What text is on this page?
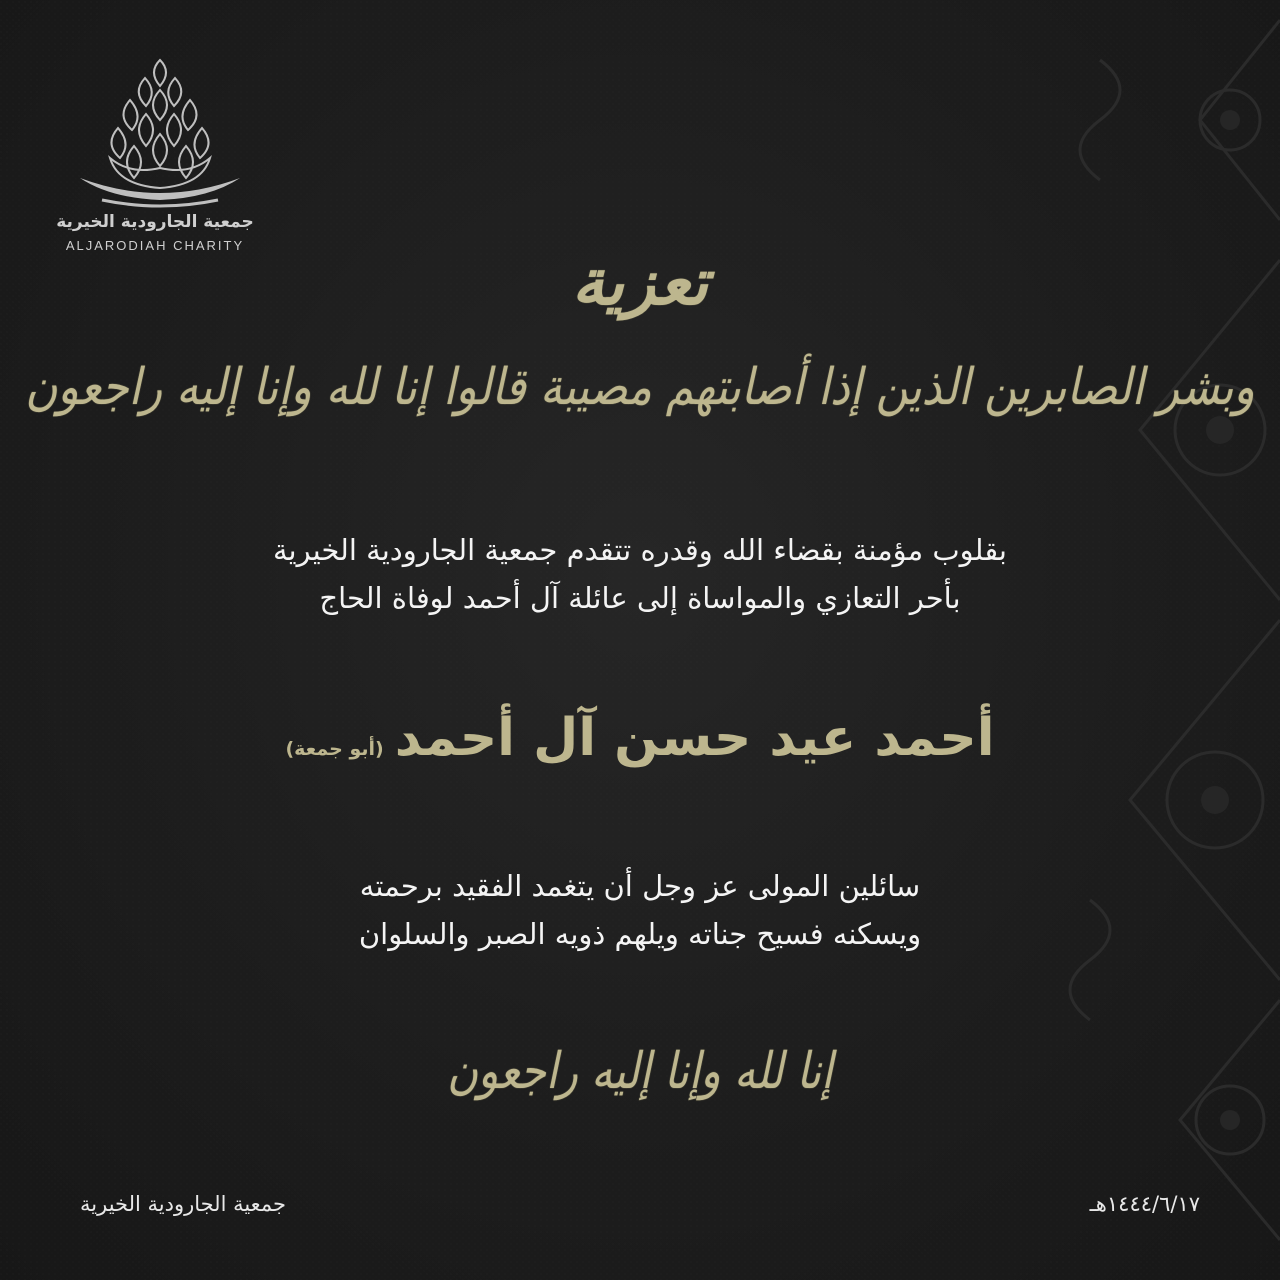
جمعية الجارودية الخيرية
ALJARODIAH CHARITY	تعزية
وبشر الصابرين الذين إذا أصابتهم مصيبة قالوا إنا لله وإنا إليه راجعون
بقلوب مؤمنة بقضاء الله وقدره تتقدم جمعية الجارودية الخيرية
بأحر التعازي والمواساة إلى عائلة آل أحمد لوفاة الحاج
أحمد عيد حسن آل أحمد (أبو جمعة)
سائلين المولى عز وجل أن يتغمد الفقيد برحمته
ويسكنه فسيح جناته ويلهم ذويه الصبر والسلوان
إنا لله وإنا إليه راجعون
جمعية الجارودية الخيرية	١٤٤٤/٦/١٧هـ
